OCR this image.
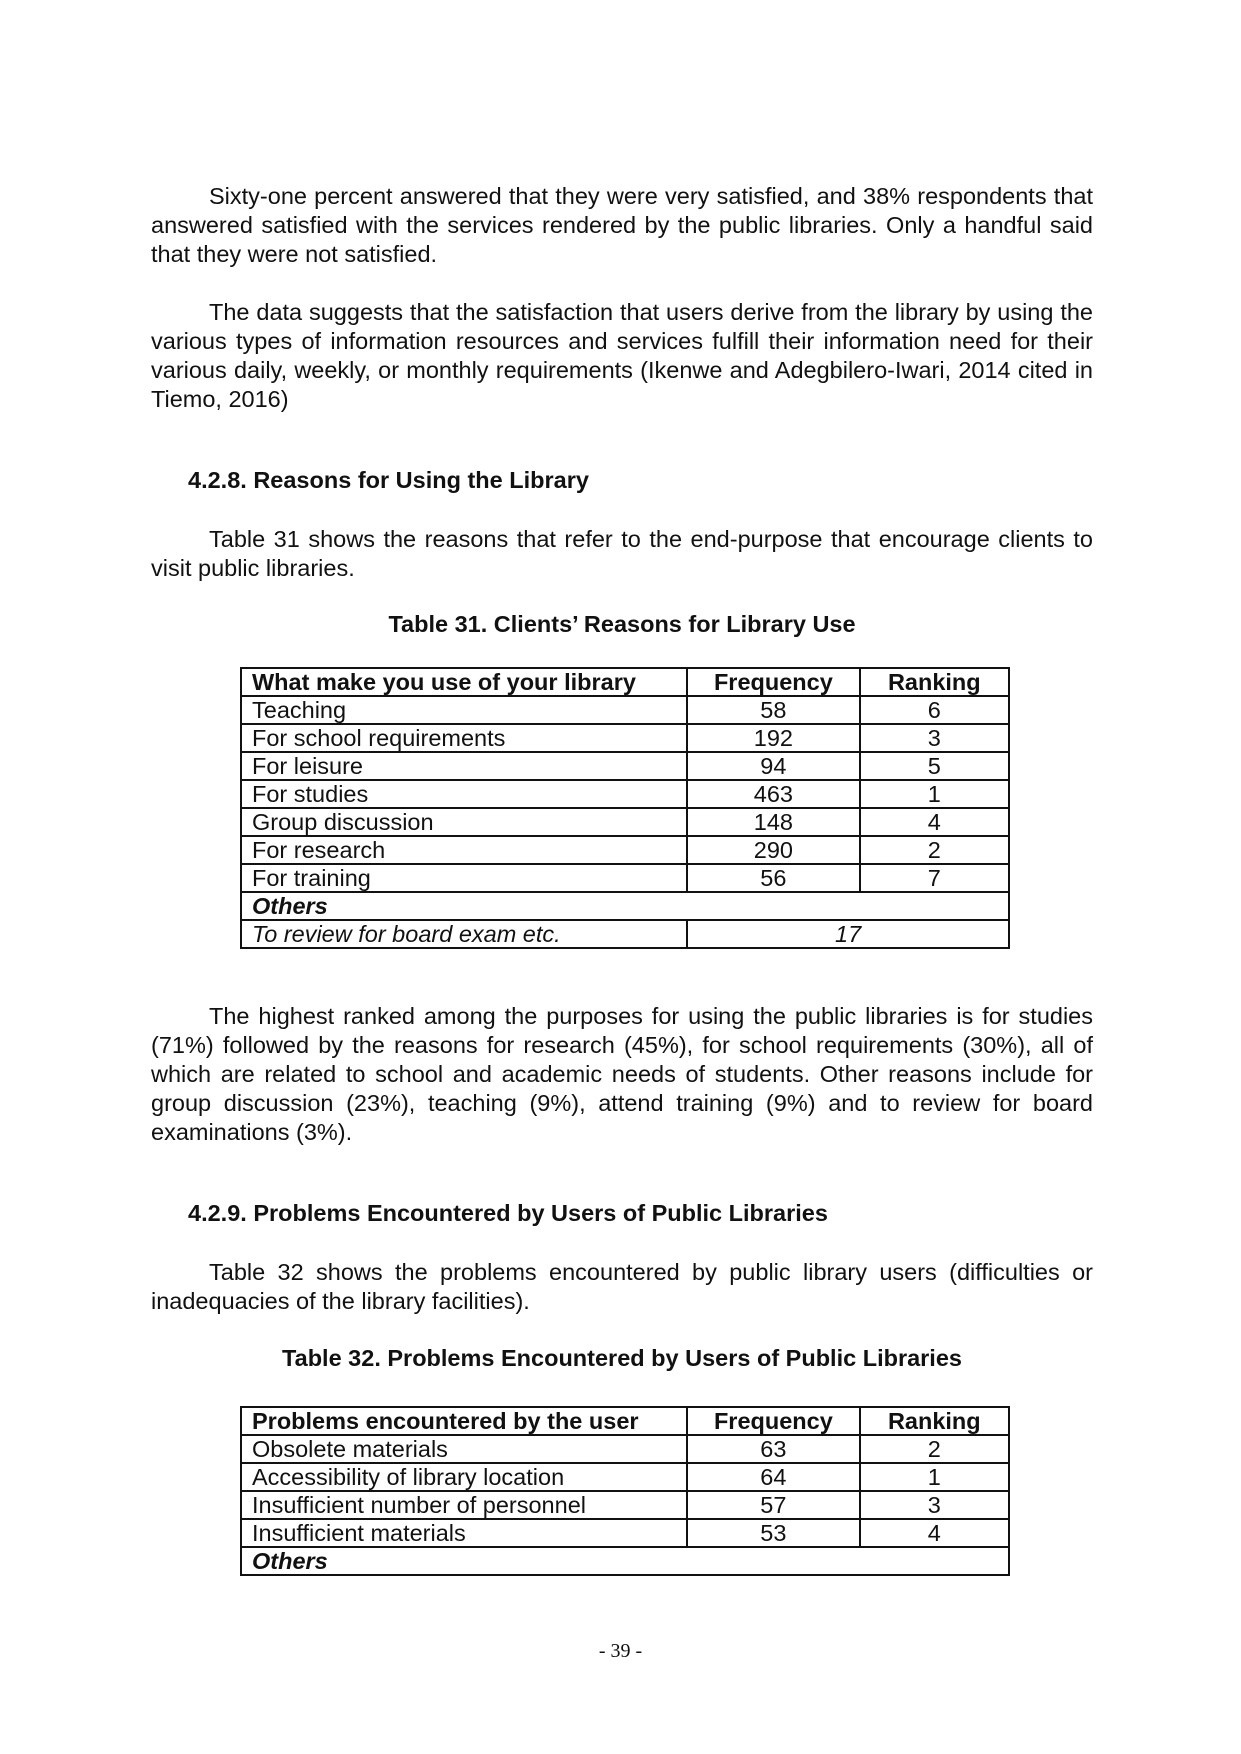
Sixty-one percent answered that they were very satisfied, and 38% respondents that answered satisfied with the services rendered by the public libraries. Only a handful said that they were not satisfied.

The data suggests that the satisfaction that users derive from the library by using the various types of information resources and services fulfill their information need for their various daily, weekly, or monthly requirements (Ikenwe and Adegbilero-Iwari, 2014 cited in Tiemo, 2016)

4.2.8. Reasons for Using the Library

Table 31 shows the reasons that refer to the end-purpose that encourage clients to visit public libraries.

Table 31. Clients’ Reasons for Library Use

What make you use of your library	Frequency	Ranking
Teaching	58	6
For school requirements	192	3
For leisure	94	5
For studies	463	1
Group discussion	148	4
For research	290	2
For training	56	7
Others		
To review for board exam etc.	17	

The highest ranked among the purposes for using the public libraries is for studies (71%) followed by the reasons for research (45%), for school requirements (30%), all of which are related to school and academic needs of students. Other reasons include for group discussion (23%), teaching (9%), attend training (9%) and to review for board examinations (3%).

4.2.9. Problems Encountered by Users of Public Libraries

Table 32 shows the problems encountered by public library users (difficulties or inadequacies of the library facilities).

Table 32. Problems Encountered by Users of Public Libraries

Problems encountered by the user	Frequency	Ranking
Obsolete materials	63	2
Accessibility of library location	64	1
Insufficient number of personnel	57	3
Insufficient materials	53	4
Others		
- 39 -
